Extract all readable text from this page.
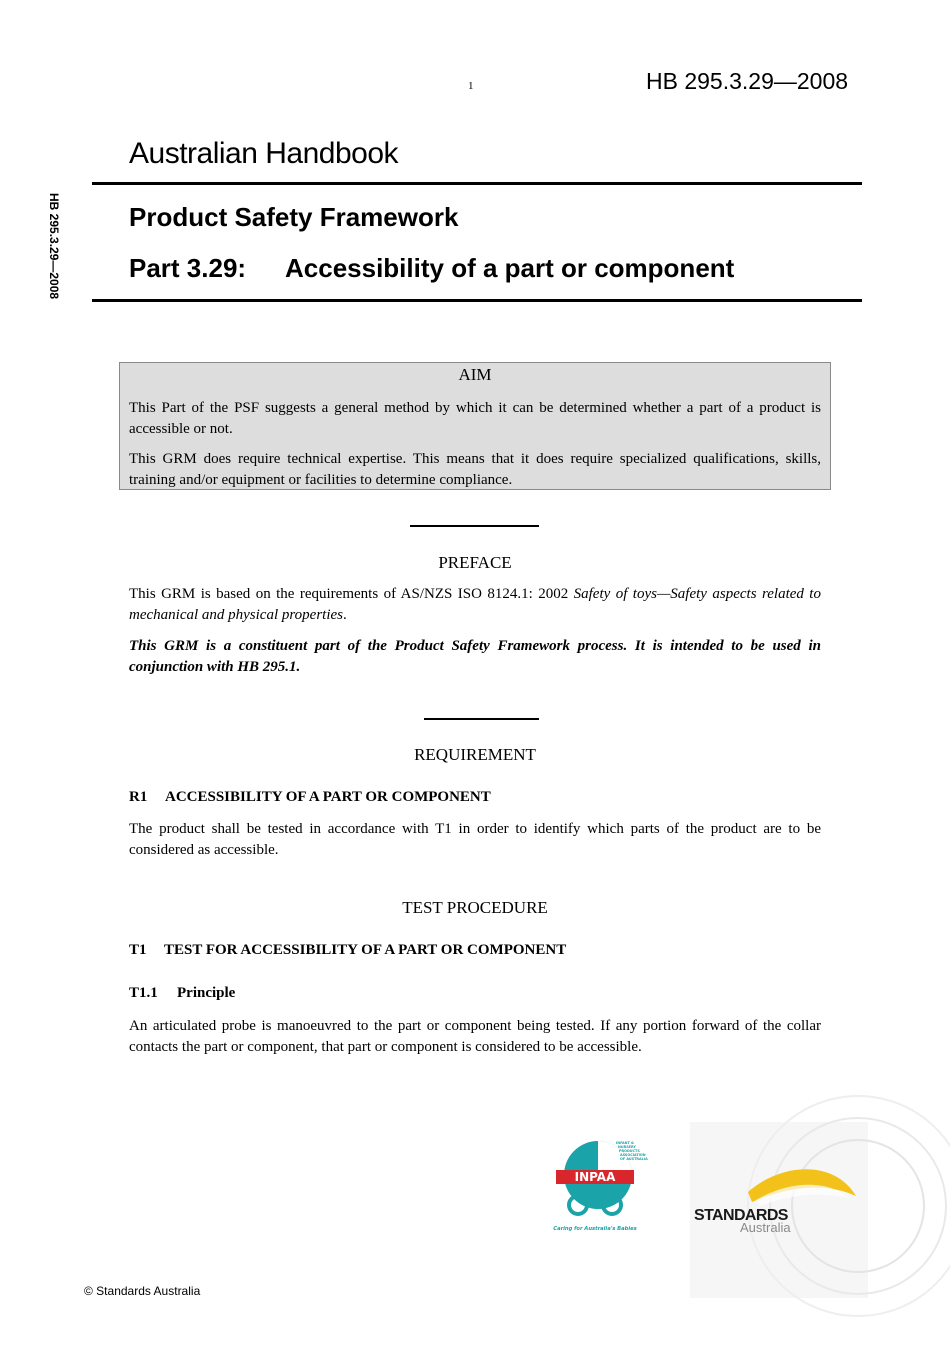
1	HB 295.3.29—2008
HB 295.3.29—2008
Australian Handbook
Product Safety Framework
Part 3.29: Accessibility of a part or component
AIM
This Part of the PSF suggests a general method by which it can be determined whether a part of a product is accessible or not.
This GRM does require technical expertise. This means that it does require specialized qualifications, skills, training and/or equipment or facilities to determine compliance.
PREFACE
This GRM is based on the requirements of AS/NZS ISO 8124.1: 2002 Safety of toys—Safety aspects related to mechanical and physical properties.
This GRM is a constituent part of the Product Safety Framework process. It is intended to be used in conjunction with HB 295.1.
REQUIREMENT
R1 ACCESSIBILITY OF A PART OR COMPONENT
The product shall be tested in accordance with T1 in order to identify which parts of the product are to be considered as accessible.
TEST PROCEDURE
T1 TEST FOR ACCESSIBILITY OF A PART OR COMPONENT
T1.1 Principle
An articulated probe is manoeuvred to the part or component being tested. If any portion forward of the collar contacts the part or component, that part or component is considered to be accessible.
INFANT &
NURSERY
PRODUCTS
ASSOCIATION
OF AUSTRALIA
INPAA
Caring for Australia's Babies
STANDARDS
Australia
© Standards Australia
